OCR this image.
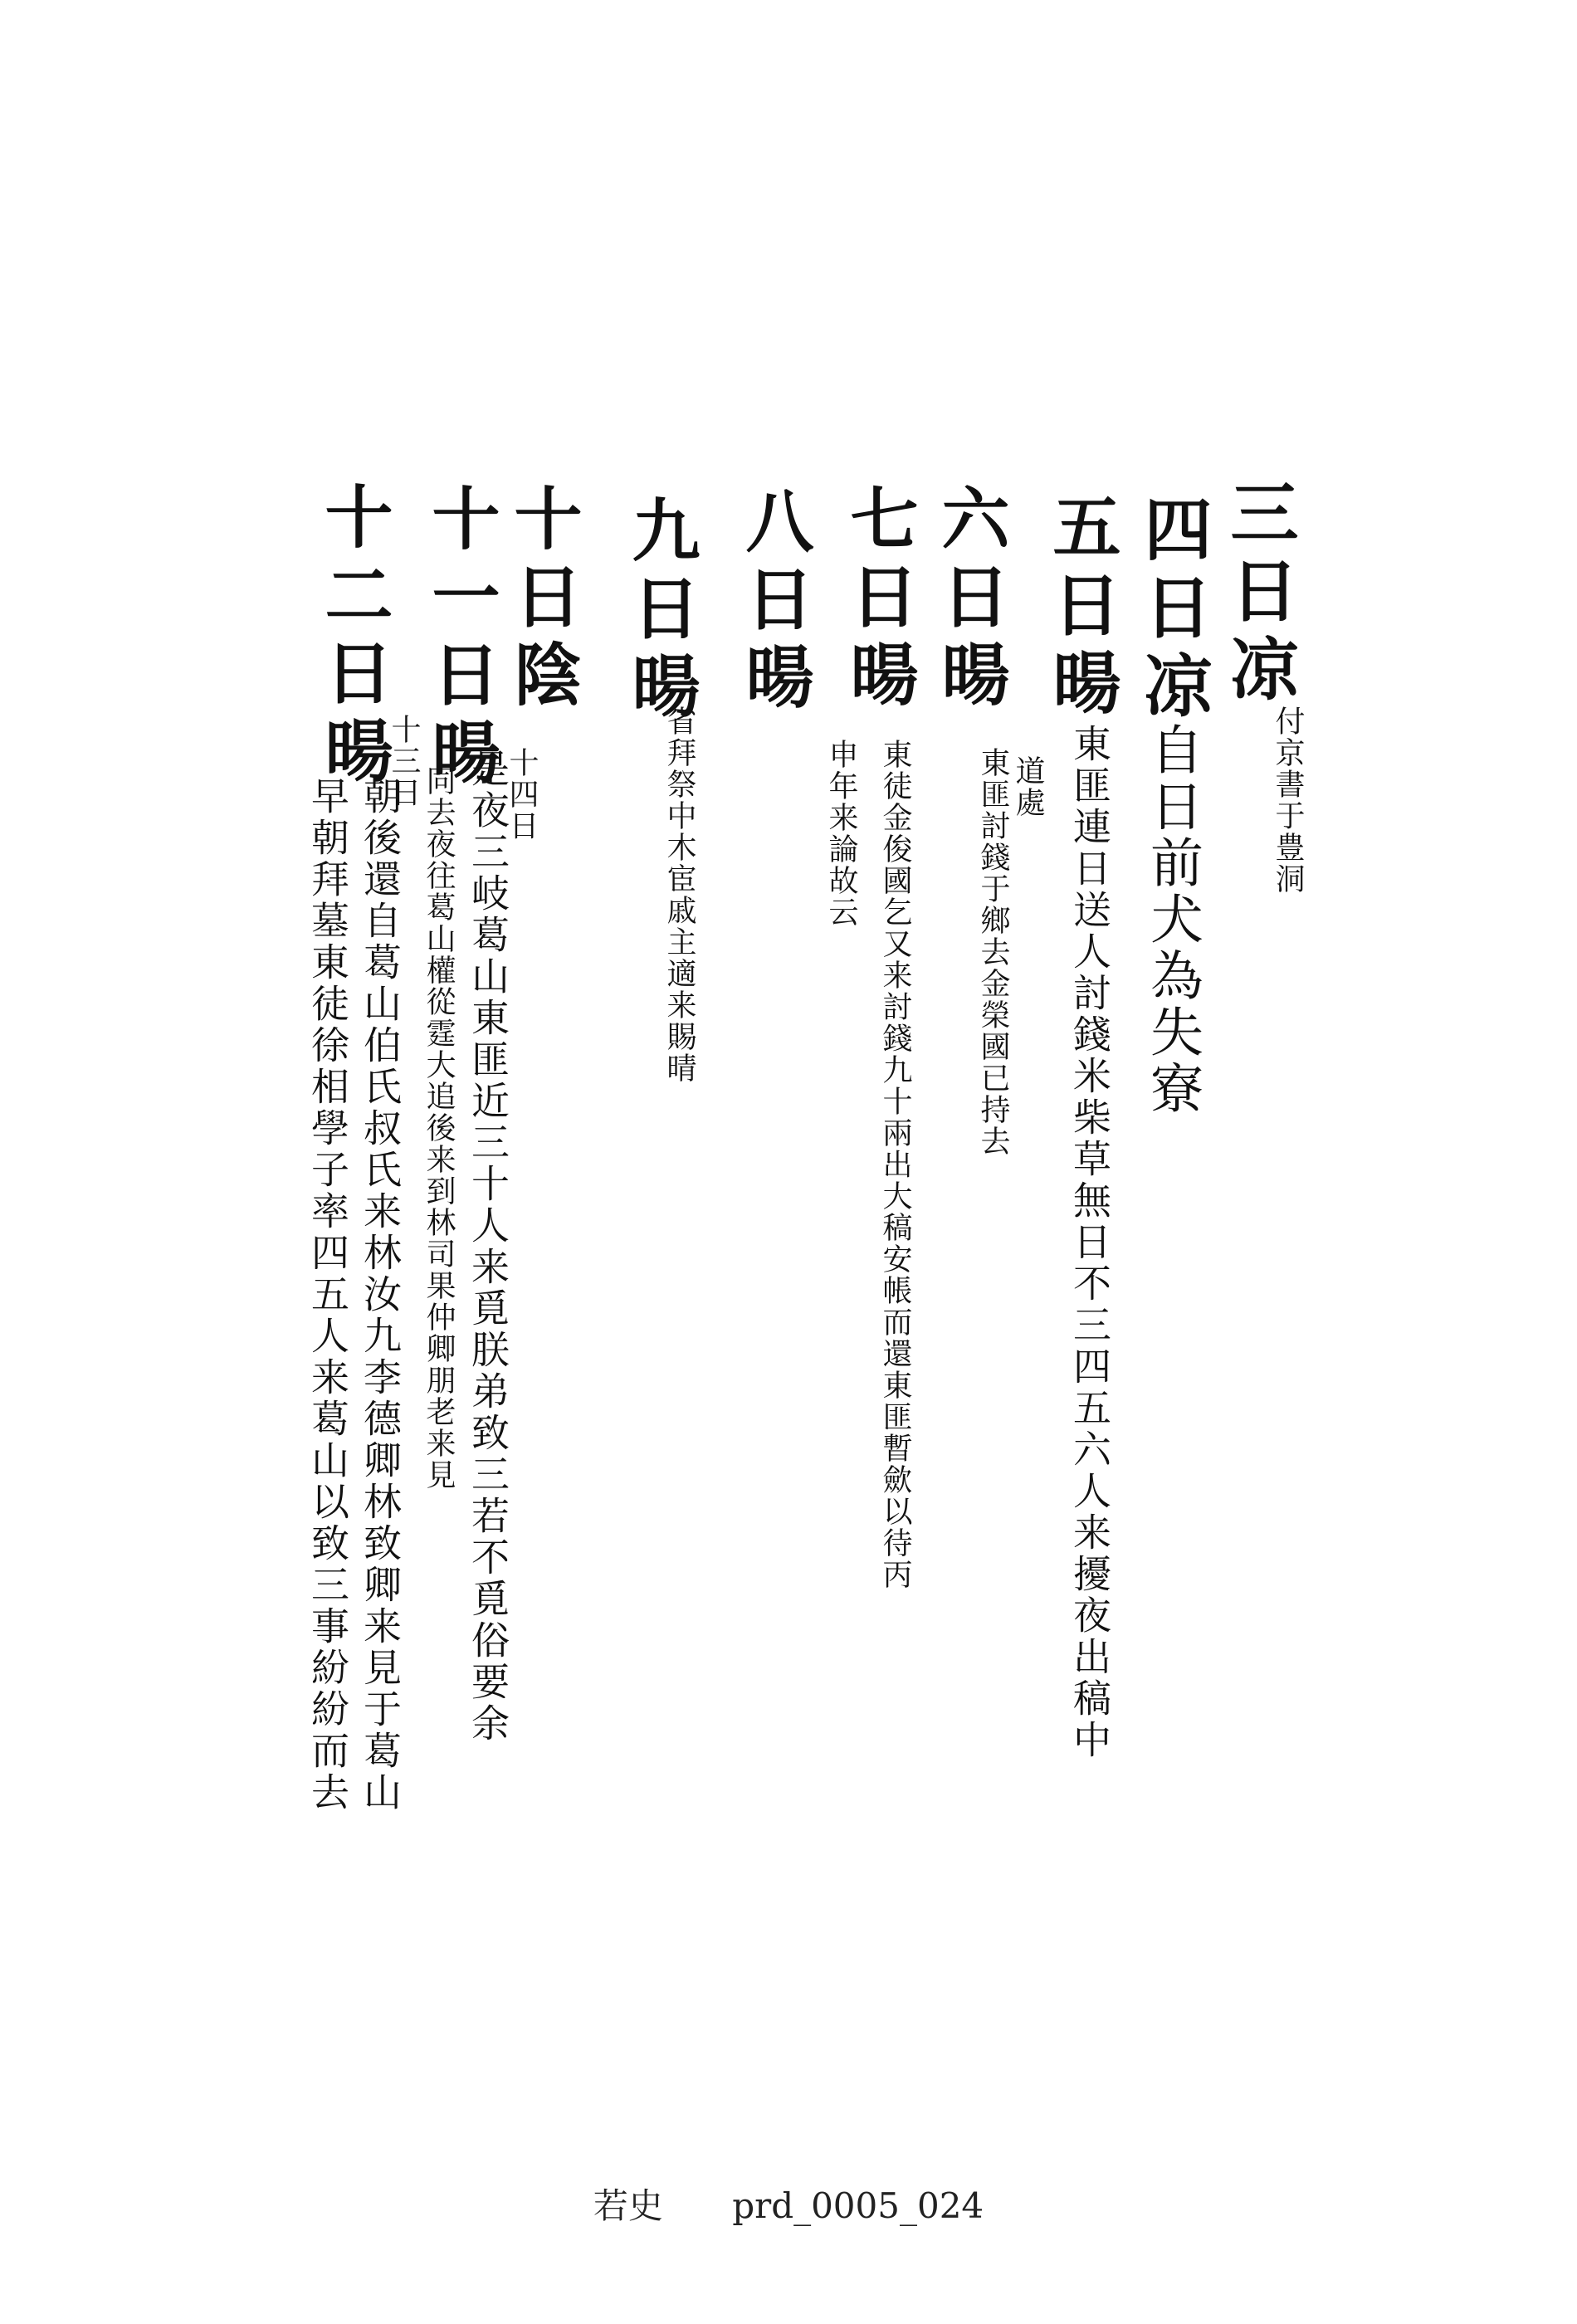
三日凉
付京書于豊洞
四日凉
自日前犬為失寮
五日暘
東匪連日送人討錢米柴草無日不三四五六人来擾夜出稿中
道處
六日暘
東匪討錢于鄉去金榮國已持去
七日暘
東徒金俊國乞又来討錢九十兩出大稿安帳而還東匪暫歛以待丙
申年来論故云
八日暘
九日暘
省拜祭中木宦戚主適来賜晴
十日陰
十一日暘 十四日
是夜三岐葛山東匪近三十人来覓朕弟致三若不覓俗要余
同去夜往葛山權從霆大追後来到林司果仲卿朋老来見
十二日暘
十三日
朝後還自葛山伯氏叔氏来林汝九李德卿林致卿来見于葛山
早朝拜墓東徒徐相學子率四五人来葛山以致三事紛紛而去
若史 prd_0005_024
